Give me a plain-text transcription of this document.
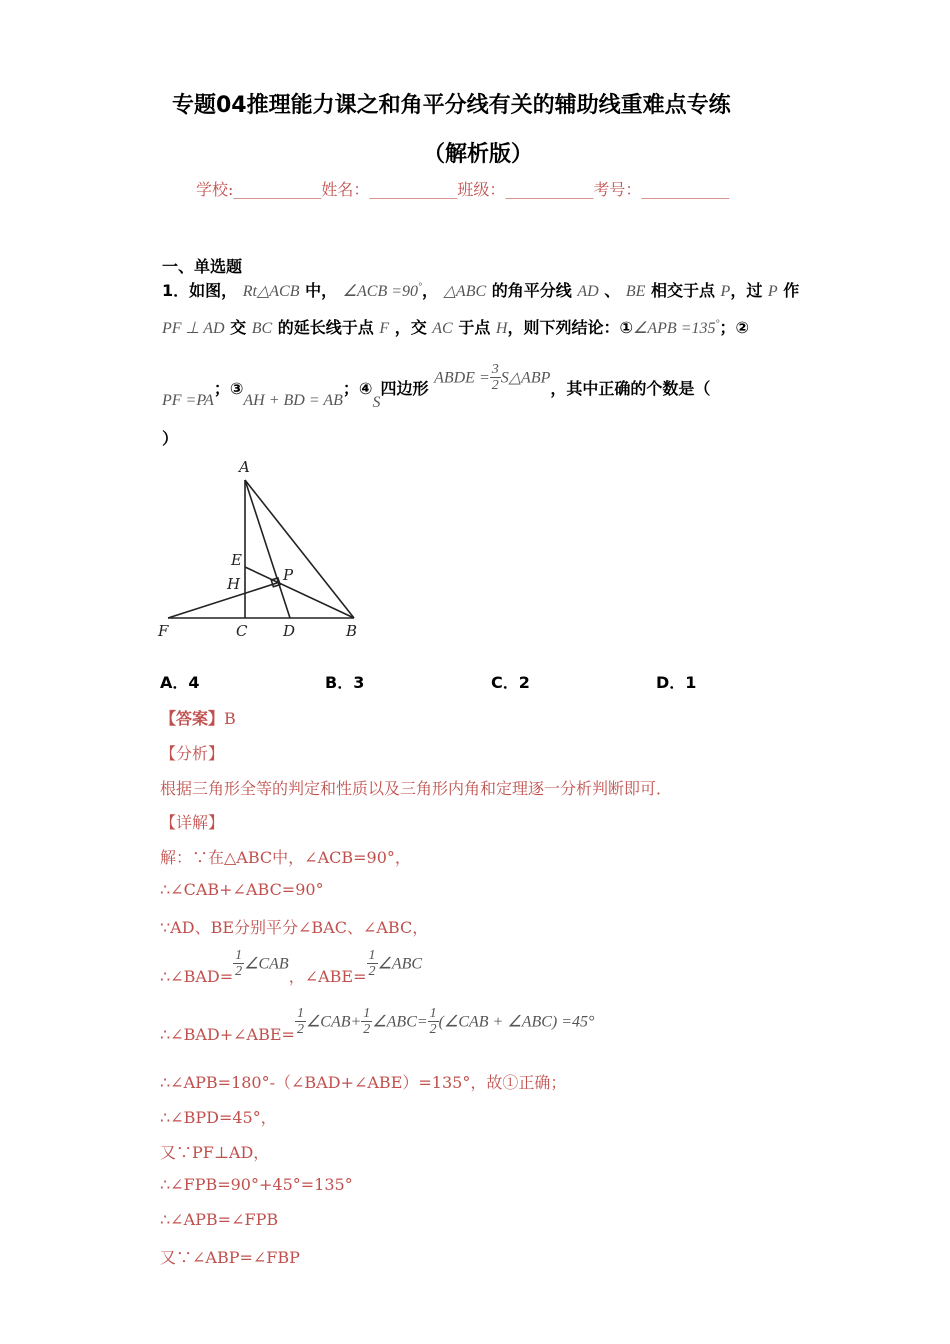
专题04推理能力课之和角平分线有关的辅助线重难点专练
（解析版）
学校:___________姓名：___________班级：___________考号：___________
一、单选题
1．如图， Rt△ACB 中， ∠ACB =90°， △ABC 的角平分线 AD 、 BE 相交于点 P，过 P 作
PF ⊥ AD 交 BC 的延长线于点 F ，交 AC 于点 H，则下列结论：①∠APB =135°；②
PF =PA；③AH + BD = AB；④S四边形 ABDE = $\frac{3}{2}$ S△ABP，其中正确的个数是（
）
A
E
H	P
F	C D	B
A．4	B．3	C．2	D．1
【答案】B
【分析】
根据三角形全等的判定和性质以及三角形内角和定理逐一分析判断即可．
【详解】
解：∵在△ABC中，∠ACB=90°，
∴∠CAB+∠ABC=90°
∵AD、BE分别平分∠BAC、∠ABC，
∴∠BAD= $\frac{1}{2}$ ∠CAB，∠ABE= $\frac{1}{2}$ ∠ABC
∴∠BAD+∠ABE= $\frac{1}{2}$ ∠CAB+ $\frac{1}{2}$ ∠ABC= $\frac{1}{2}$ (∠CAB + ∠ABC) =45°
∴∠APB=180°-（∠BAD+∠ABE）=135°，故①正确；
∴∠BPD=45°，
又∵PF⊥AD，
∴∠FPB=90°+45°=135°
∴∠APB=∠FPB
又∵∠ABP=∠FBP
